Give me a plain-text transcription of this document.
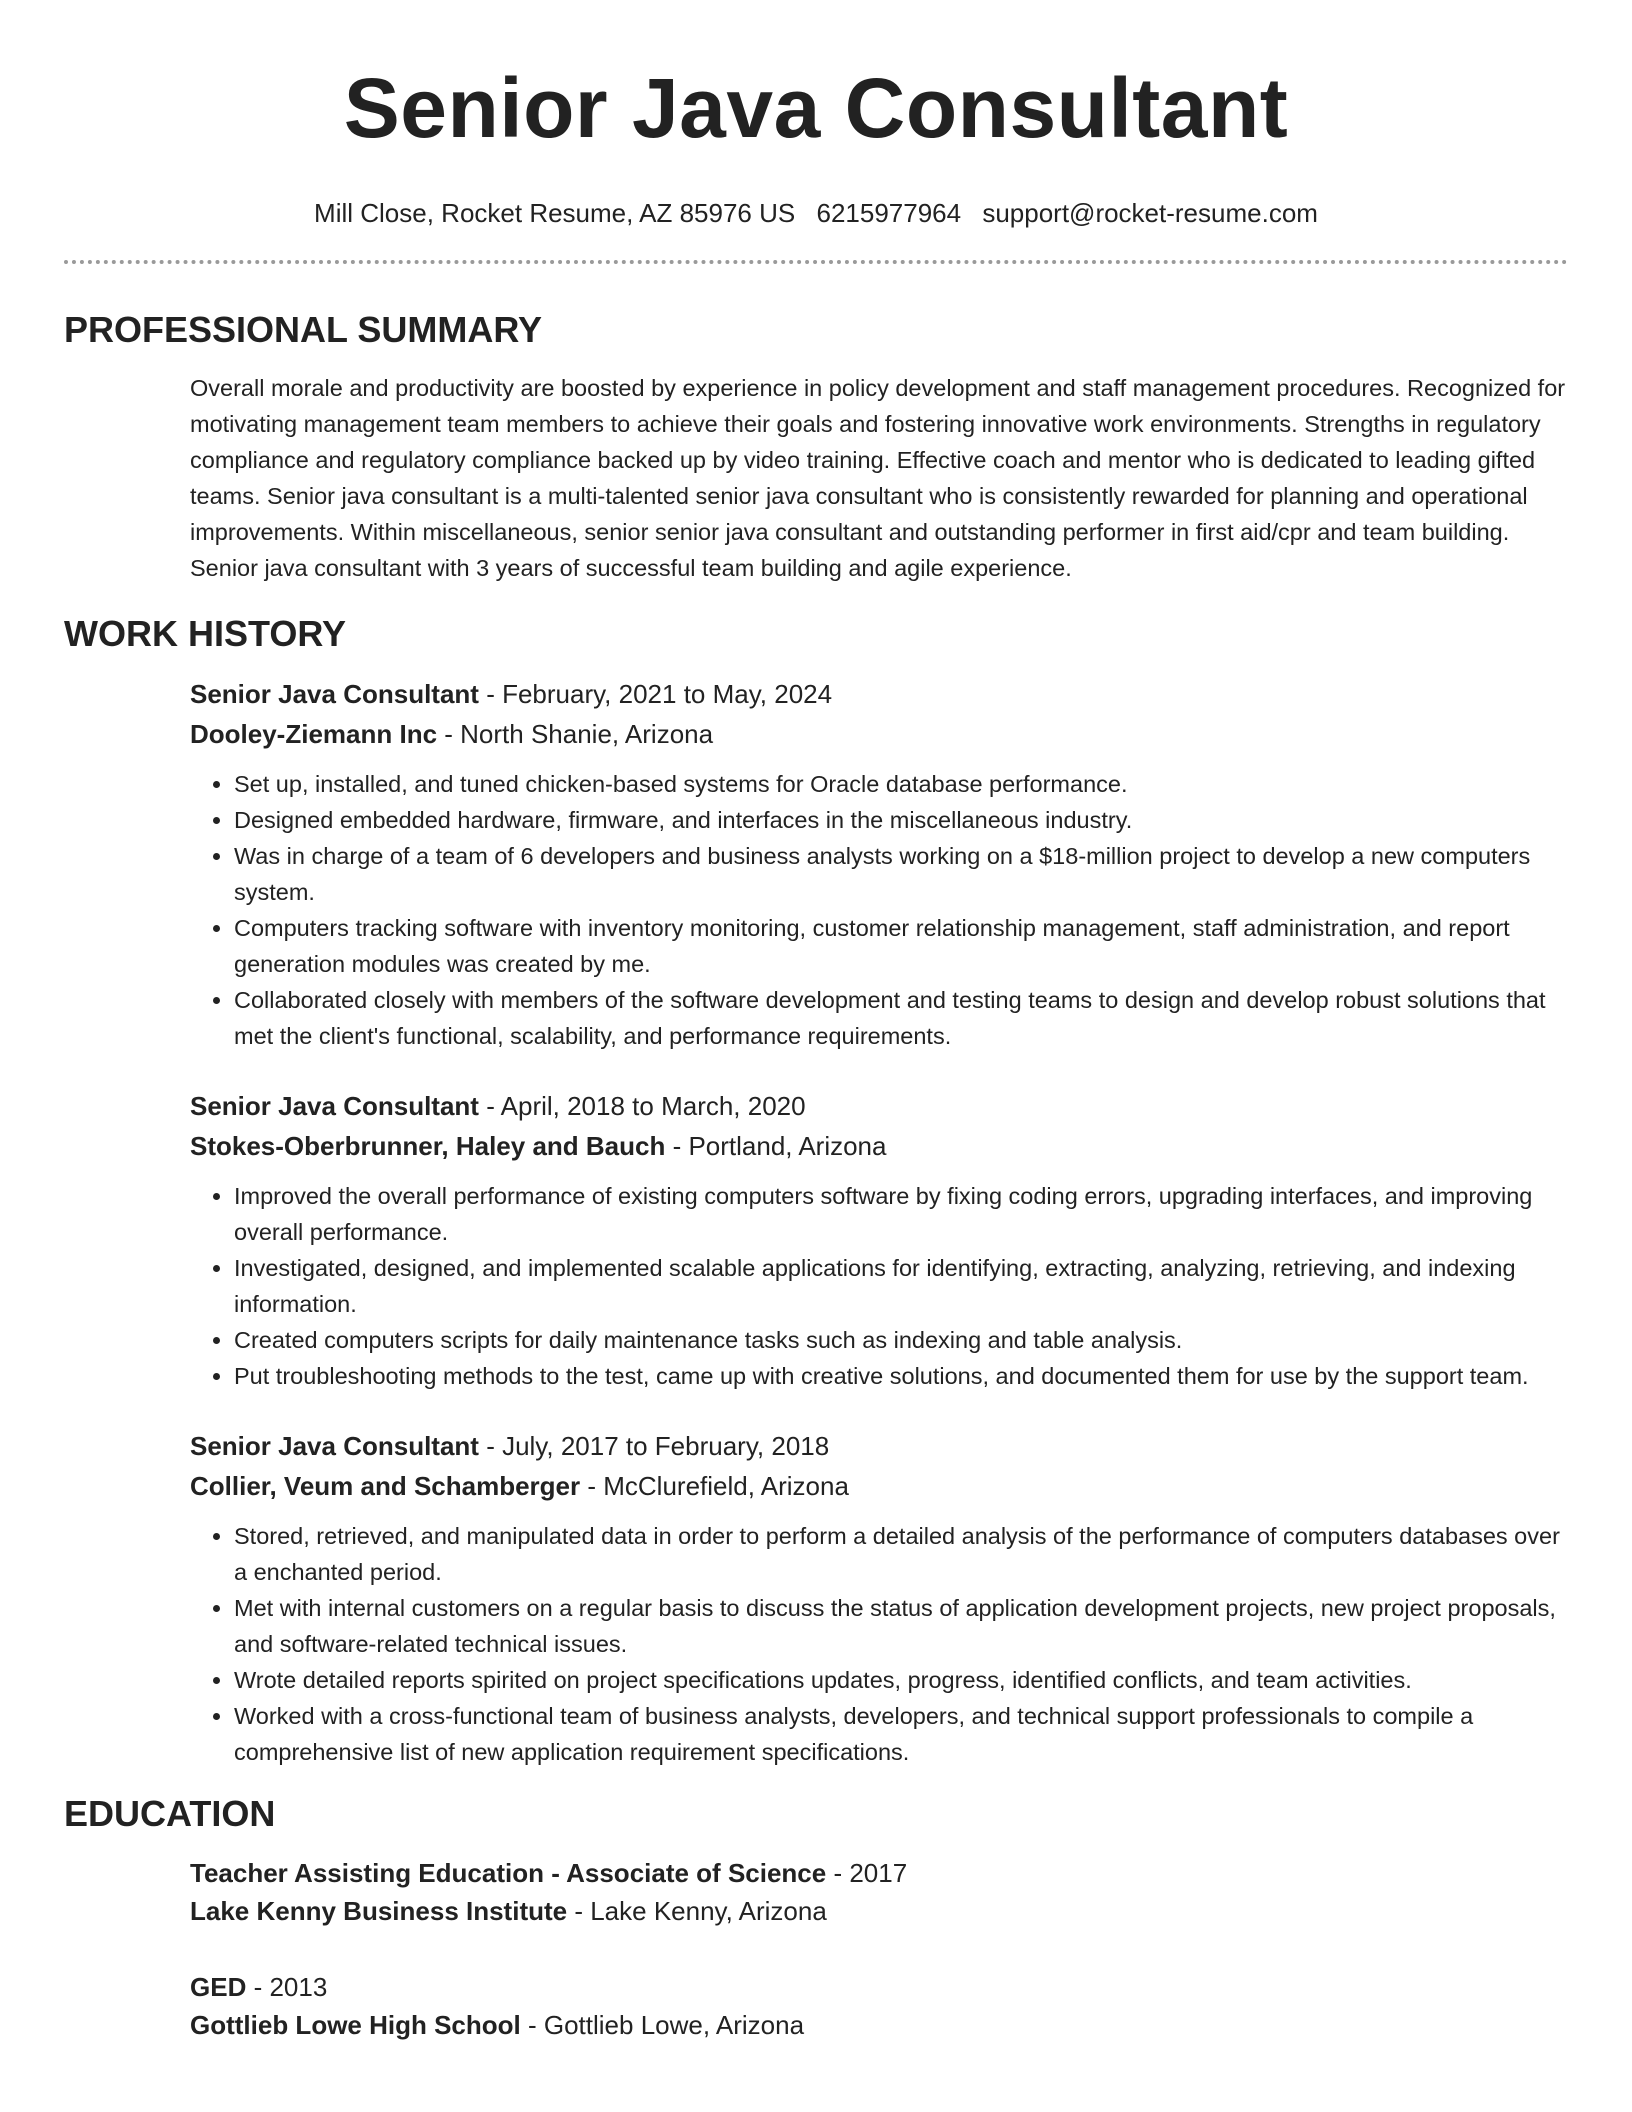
Senior Java Consultant
Mill Close, Rocket Resume, AZ 85976 US 6215977964 support@rocket-resume.com
PROFESSIONAL SUMMARY
Overall morale and productivity are boosted by experience in policy development and staff management procedures. Recognized for motivating management team members to achieve their goals and fostering innovative work environments. Strengths in regulatory compliance and regulatory compliance backed up by video training. Effective coach and mentor who is dedicated to leading gifted teams. Senior java consultant is a multi-talented senior java consultant who is consistently rewarded for planning and operational improvements. Within miscellaneous, senior senior java consultant and outstanding performer in first aid/cpr and team building. Senior java consultant with 3 years of successful team building and agile experience.
WORK HISTORY
Senior Java Consultant - February, 2021 to May, 2024
Dooley-Ziemann Inc - North Shanie, Arizona
• Set up, installed, and tuned chicken-based systems for Oracle database performance.
• Designed embedded hardware, firmware, and interfaces in the miscellaneous industry.
• Was in charge of a team of 6 developers and business analysts working on a $18-million project to develop a new computers system.
• Computers tracking software with inventory monitoring, customer relationship management, staff administration, and report generation modules was created by me.
• Collaborated closely with members of the software development and testing teams to design and develop robust solutions that met the client's functional, scalability, and performance requirements.
Senior Java Consultant - April, 2018 to March, 2020
Stokes-Oberbrunner, Haley and Bauch - Portland, Arizona
• Improved the overall performance of existing computers software by fixing coding errors, upgrading interfaces, and improving overall performance.
• Investigated, designed, and implemented scalable applications for identifying, extracting, analyzing, retrieving, and indexing information.
• Created computers scripts for daily maintenance tasks such as indexing and table analysis.
• Put troubleshooting methods to the test, came up with creative solutions, and documented them for use by the support team.
Senior Java Consultant - July, 2017 to February, 2018
Collier, Veum and Schamberger - McClurefield, Arizona
• Stored, retrieved, and manipulated data in order to perform a detailed analysis of the performance of computers databases over a enchanted period.
• Met with internal customers on a regular basis to discuss the status of application development projects, new project proposals, and software-related technical issues.
• Wrote detailed reports spirited on project specifications updates, progress, identified conflicts, and team activities.
• Worked with a cross-functional team of business analysts, developers, and technical support professionals to compile a comprehensive list of new application requirement specifications.
EDUCATION
Teacher Assisting Education - Associate of Science - 2017
Lake Kenny Business Institute - Lake Kenny, Arizona
GED - 2013
Gottlieb Lowe High School - Gottlieb Lowe, Arizona
